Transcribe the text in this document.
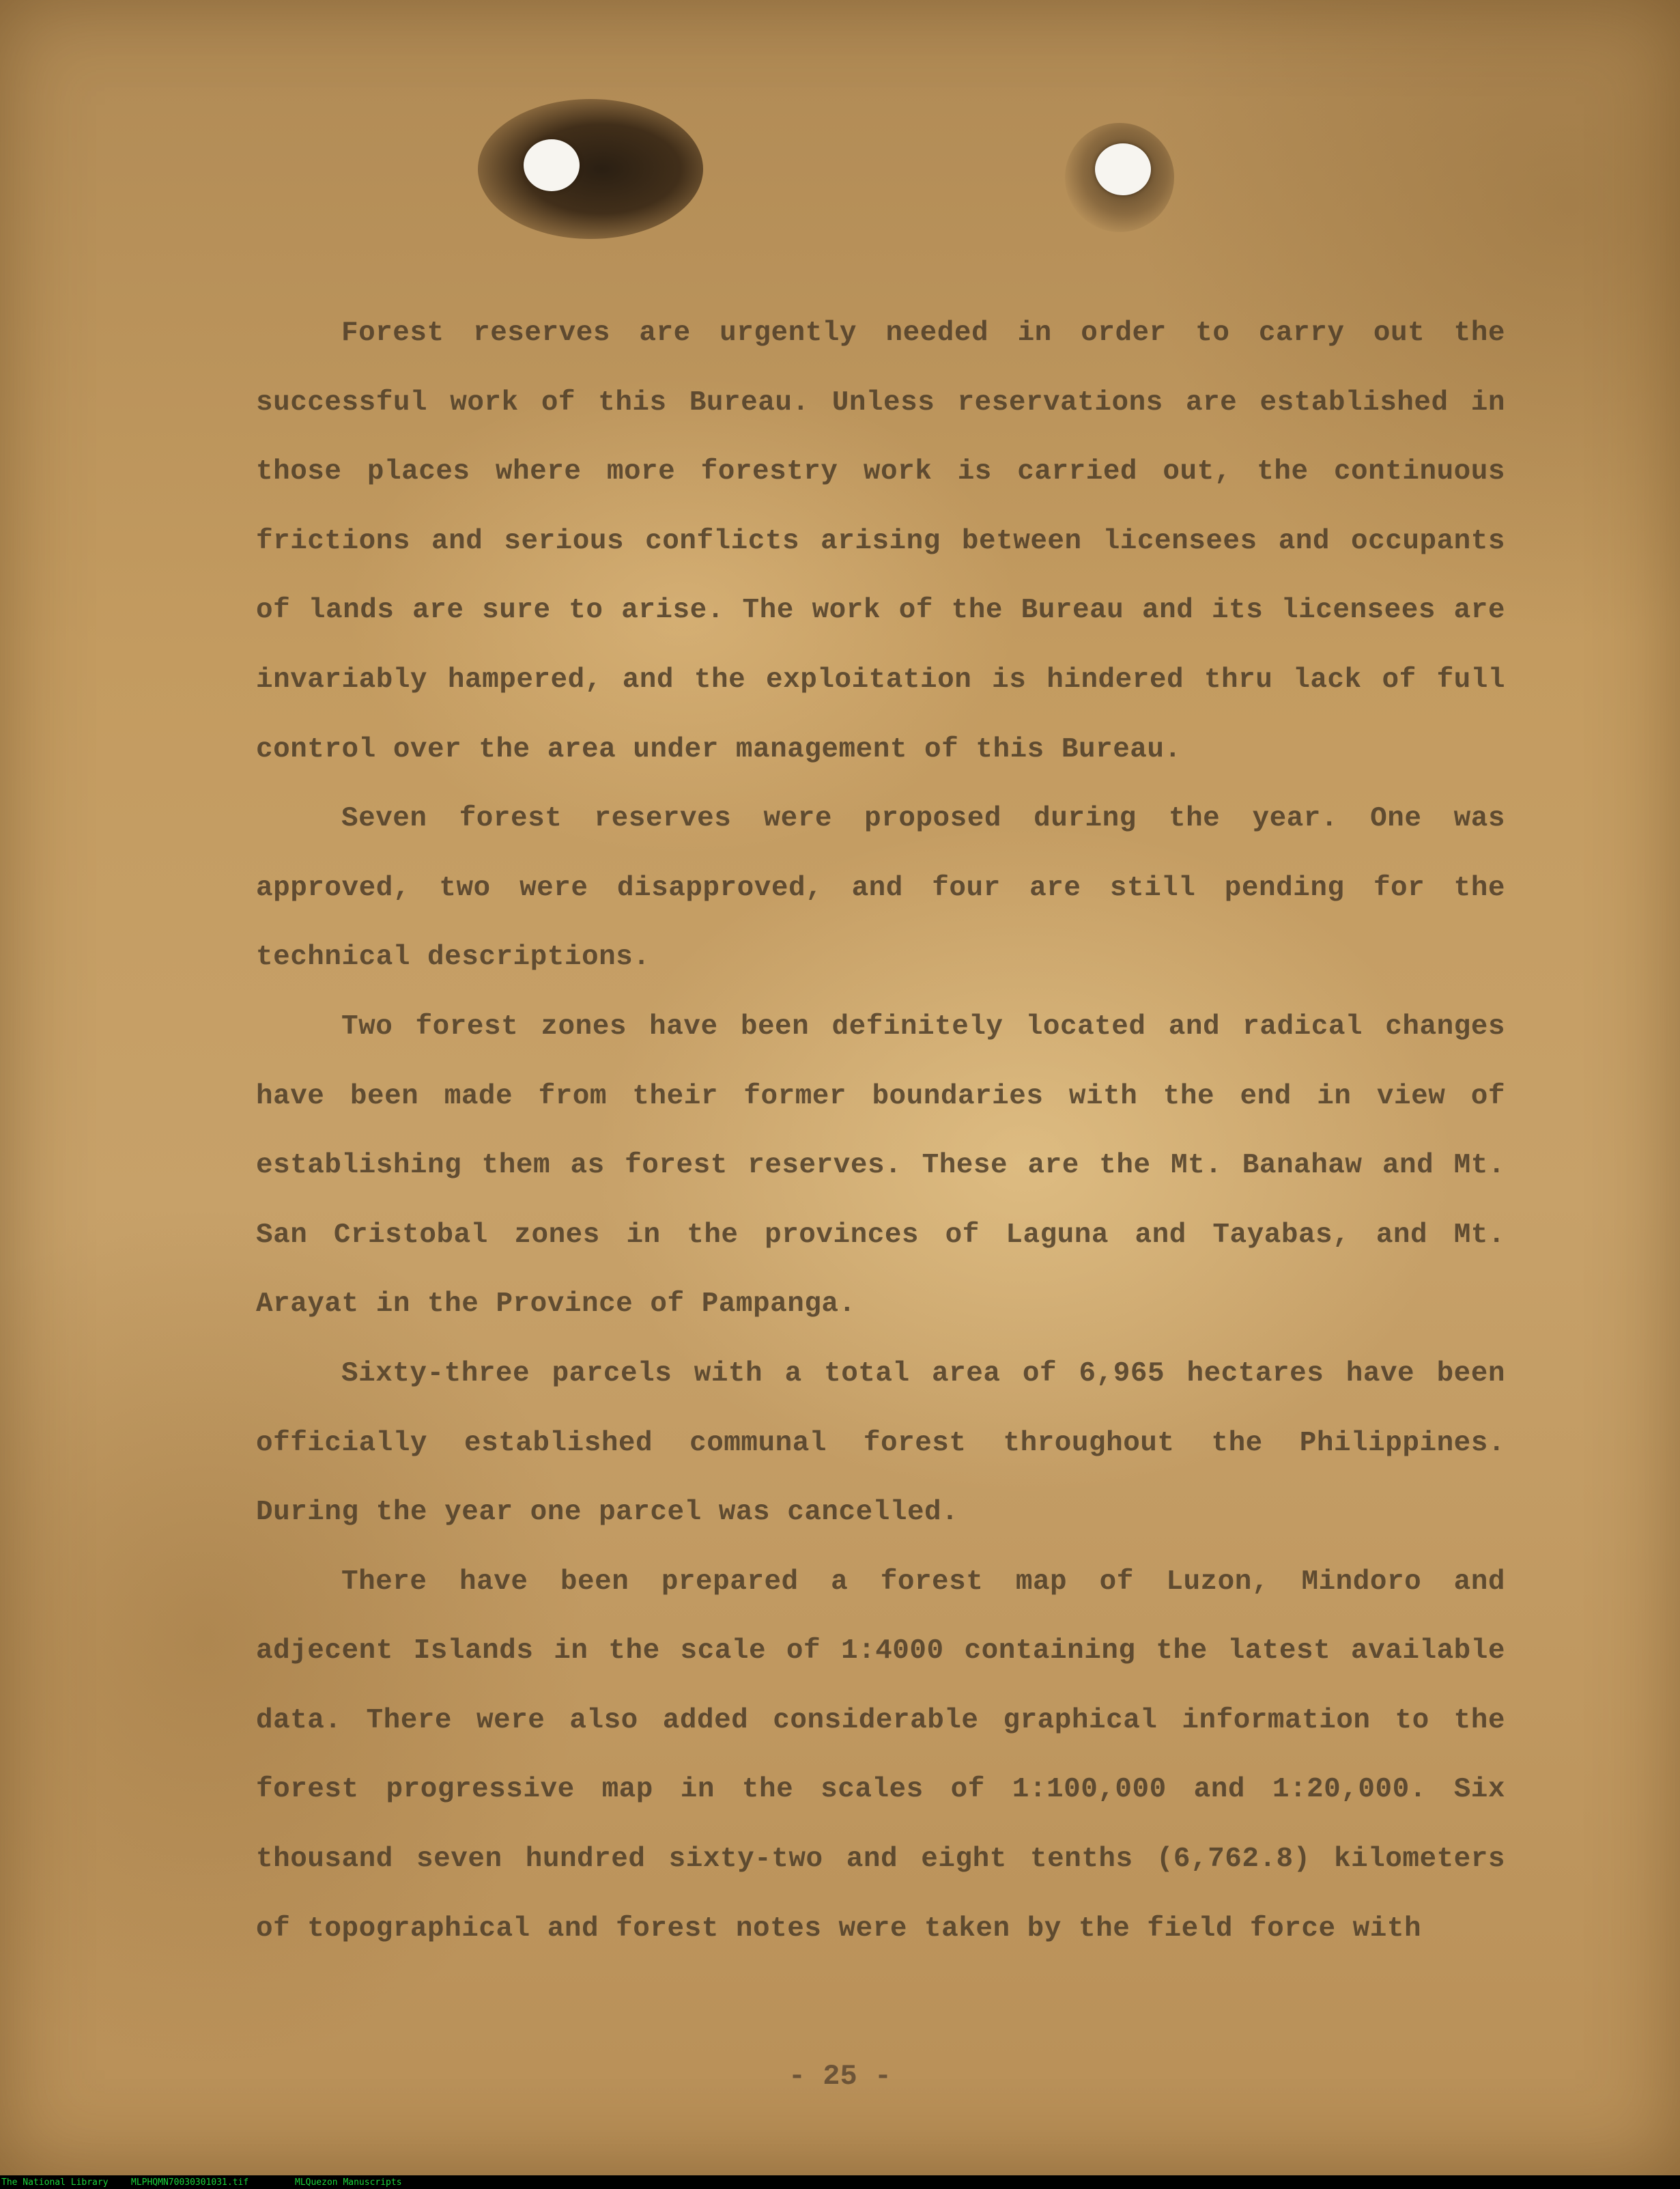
Forest reserves are urgently needed in order to carry out the successful work of this Bureau. Unless reservations are established in those places where more forestry work is carried out, the continuous frictions and serious conflicts arising between licensees and occupants of lands are sure to arise. The work of the Bureau and its licensees are invariably hampered, and the exploitation is hindered thru lack of full control over the area under management of this Bureau.

Seven forest reserves were proposed during the year. One was approved, two were disapproved, and four are still pending for the technical descriptions.

Two forest zones have been definitely located and radical changes have been made from their former boundaries with the end in view of establishing them as forest reserves. These are the Mt. Banahaw and Mt. San Cristobal zones in the provinces of Laguna and Tayabas, and Mt. Arayat in the Province of Pampanga.

Sixty-three parcels with a total area of 6,965 hectares have been officially established communal forest throughout the Philippines. During the year one parcel was cancelled.

There have been prepared a forest map of Luzon, Mindoro and adjecent Islands in the scale of 1:4000 containing the latest available data. There were also added considerable graphical information to the forest progressive map in the scales of 1:100,000 and 1:20,000. Six thousand seven hundred sixty-two and eight tenths (6,762.8) kilometers of topographical and forest notes were taken by the field force with

- 25 -
The National Library	MLPHQMN70030301031.tif	MLQuezon Manuscripts
